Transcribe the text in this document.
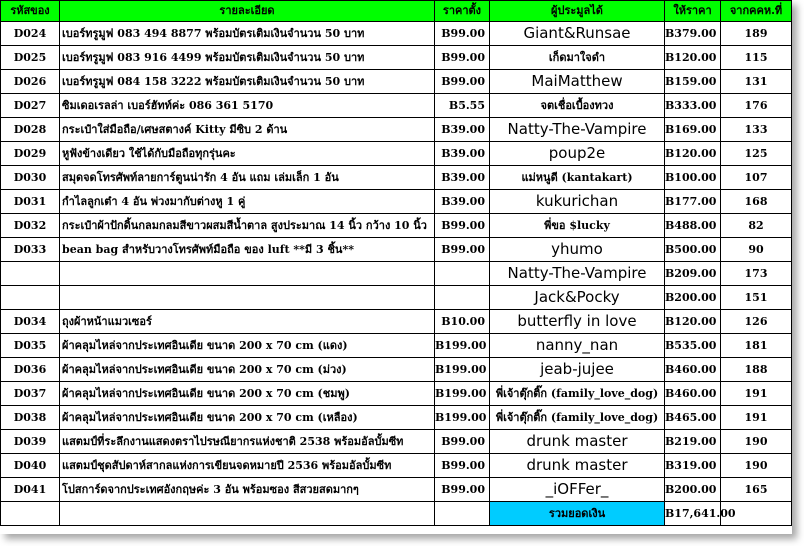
รหัสของ	รายละเอียด	ราคาตั้ง	ผู้ประมูลได้	ให้ราคา	จากคคห.ที่
D024	เบอร์ทรูมูฟ 083 494 8877 พร้อมบัตรเติมเงินจำนวน 50 บาท	B99.00	Giant&Runsae	B379.00	189
D025	เบอร์ทรูมูฟ 083 916 4499 พร้อมบัตรเติมเงินจำนวน 50 บาท	B99.00	เก็ดมาใจดำ	B120.00	115
D026	เบอร์ทรูมูฟ 084 158 3222 พร้อมบัตรเติมเงินจำนวน 50 บาท	B99.00	MaiMatthew	B159.00	131
D027	ซิมเดอเรลล่า เบอร์ฮัทท์ค่ะ 086 361 5170	B5.55	จตเชื่อเบื้องทวง	B333.00	176
D028	กระเป๋าใส่มือถือ/เศษสตางค์ Kitty มีซิบ 2 ด้าน	B39.00	Natty-The-Vampire	B169.00	133
D029	หูฟังข้างเดียว ใช้ได้กับมือถือทุกรุ่นคะ	B39.00	poup2e	B120.00	125
D030	สมุดจดโทรศัพท์ลายการ์ตูนน่ารัก 4 อัน แถม เล่มเล็ก 1 อัน	B39.00	แม่หนูดี (kantakart)	B100.00	107
D031	กำไลลูกเต๋า 4 อัน พ่วงมากับต่างหู 1 คู่	B39.00	kukurichan	B177.00	168
D032	กระเป๋าผ้าปักดิ้นกลมกลมสีขาวผสมสีน้ำตาล สูงประมาณ 14 นิ้ว กว้าง 10 นิ้ว	B99.00	พี่ขอ $lucky	B488.00	82
D033	bean bag สำหรับวางโทรศัพท์มือถือ ของ luft **มี 3 ชิ้น**	B99.00	yhumo	B500.00	90
			Natty-The-Vampire	B209.00	173
			Jack&Pocky	B200.00	151
D034	ถุงผ้าหน้าแมวเซอร์	B10.00	butterfly in love	B120.00	126
D035	ผ้าคลุมไหล่จากประเทศอินเดีย ขนาด 200 x 70 cm (แดง)	B199.00	nanny_nan	B535.00	181
D036	ผ้าคลุมไหล่จากประเทศอินเดีย ขนาด 200 x 70 cm (ม่วง)	B199.00	jeab-jujee	B460.00	188
D037	ผ้าคลุมไหล่จากประเทศอินเดีย ขนาด 200 x 70 cm (ชมพู)	B199.00	พี่เจ้าตุ๊กติ๊ก (family_love_dog)	B460.00	191
D038	ผ้าคลุมไหล่จากประเทศอินเดีย ขนาด 200 x 70 cm (เหลือง)	B199.00	พี่เจ้าตุ๊กติ๊ก (family_love_dog)	B465.00	191
D039	แสตมป์ที่ระลึกงานแสดงตราไปรษณียากรแห่งชาติ 2538 พร้อมอัลบั้มซีท	B99.00	drunk master	B219.00	190
D040	แสตมป์ชุดสัปดาห์สากลแห่งการเขียนจดหมายปี 2536 พร้อมอัลบั้มซีท	B99.00	drunk master	B319.00	190
D041	โปสการ์ดจากประเทศอังกฤษค่ะ 3 อัน พร้อมซอง สีสวยสดมากๆ	B99.00	_iOFFer_	B200.00	165
			รวมยอดเงิน	B17,641.00	
